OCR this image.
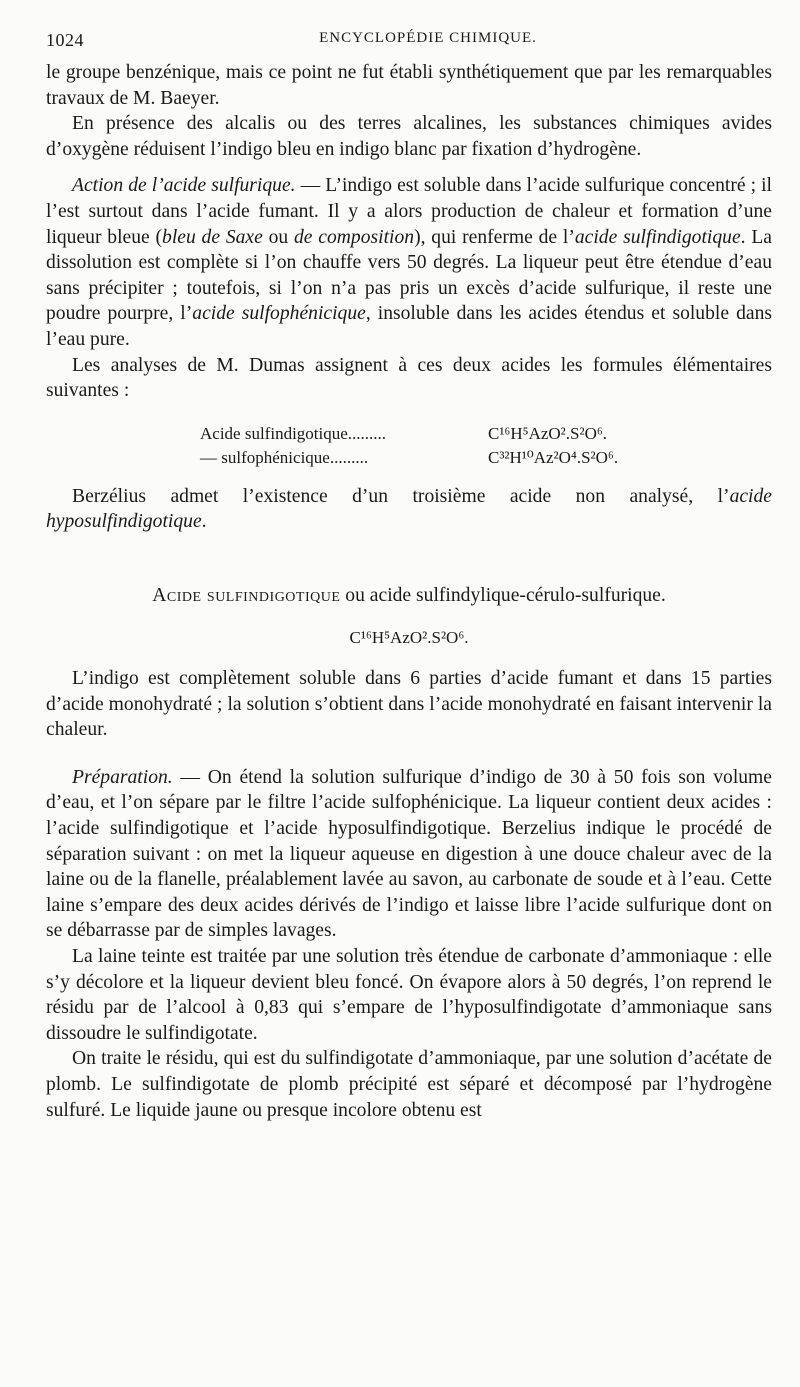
1024	ENCYCLOPÉDIE CHIMIQUE.

le groupe benzénique, mais ce point ne fut établi synthétiquement que par les remarquables travaux de M. Baeyer.

En présence des alcalis ou des terres alcalines, les substances chimiques avides d’oxygène réduisent l’indigo bleu en indigo blanc par fixation d’hydrogène.

Action de l’acide sulfurique. — L’indigo est soluble dans l’acide sulfurique concentré ; il l’est surtout dans l’acide fumant. Il y a alors production de chaleur et formation d’une liqueur bleue (bleu de Saxe ou de composition), qui renferme de l’acide sulfindigotique. La dissolution est complète si l’on chauffe vers 50 degrés. La liqueur peut être étendue d’eau sans précipiter ; toutefois, si l’on n’a pas pris un excès d’acide sulfurique, il reste une poudre pourpre, l’acide sulfophénicique, insoluble dans les acides étendus et soluble dans l’eau pure.

Les analyses de M. Dumas assignent à ces deux acides les formules élémentaires suivantes :

Acide sulfindigotique.........	C¹⁶H⁵AzO².S²O⁶.
— sulfophénicique.........	C³²H¹⁰Az²O⁴.S²O⁶.

Berzélius admet l’existence d’un troisième acide non analysé, l’acide hyposulfindigotique.

Acide sulfindigotique ou acide sulfindylique-cérulo-sulfurique.

C¹⁶H⁵AzO².S²O⁶.

L’indigo est complètement soluble dans 6 parties d’acide fumant et dans 15 parties d’acide monohydraté ; la solution s’obtient dans l’acide monohydraté en faisant intervenir la chaleur.

Préparation. — On étend la solution sulfurique d’indigo de 30 à 50 fois son volume d’eau, et l’on sépare par le filtre l’acide sulfophénicique. La liqueur contient deux acides : l’acide sulfindigotique et l’acide hyposulfindigotique. Berzelius indique le procédé de séparation suivant : on met la liqueur aqueuse en digestion à une douce chaleur avec de la laine ou de la flanelle, préalablement lavée au savon, au carbonate de soude et à l’eau. Cette laine s’empare des deux acides dérivés de l’indigo et laisse libre l’acide sulfurique dont on se débarrasse par de simples lavages.

La laine teinte est traitée par une solution très étendue de carbonate d’ammoniaque : elle s’y décolore et la liqueur devient bleu foncé. On évapore alors à 50 degrés, l’on reprend le résidu par de l’alcool à 0,83 qui s’empare de l’hyposulfindigotate d’ammoniaque sans dissoudre le sulfindigotate.

On traite le résidu, qui est du sulfindigotate d’ammoniaque, par une solution d’acétate de plomb. Le sulfindigotate de plomb précipité est séparé et décomposé par l’hydrogène sulfuré. Le liquide jaune ou presque incolore obtenu est
